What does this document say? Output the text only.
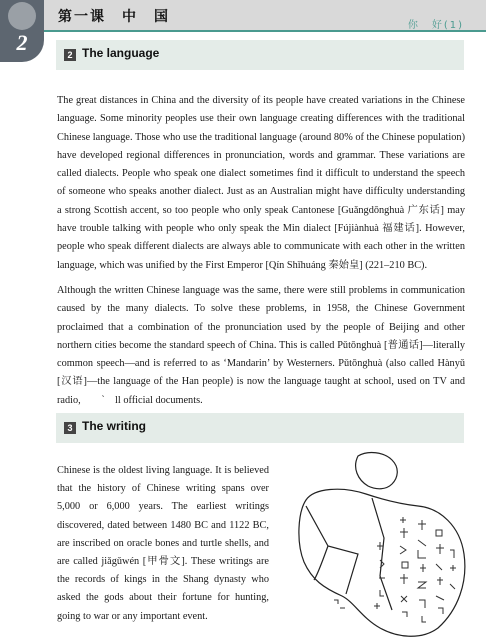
2
第一课　中　国
你　好(1)
2 The language

The great distances in China and the diversity of its people have created variations in the Chinese language. Some minority peoples use their own language creating differences with the traditional Chinese language. Those who use the traditional language (around 80% of the Chinese population) have developed regional differences in pronunciation, words and grammar. These variations are called dialects. People who speak one dialect sometimes find it difficult to understand the speech of someone who speaks another dialect. Just as an Australian might have difficulty understanding a strong Scottish accent, so too people who only speak Cantonese [Guǎngdōnghuà 广东话] may have trouble talking with people who only speak the Min dialect [Fújiànhuà 福建话]. However, people who speak different dialects are always able to communicate with each other in the written language, which was unified by the First Emperor [Qín Shǐhuáng 秦始皇] (221–210 BC).

Although the written Chinese language was the same, there were still problems in communication caused by the many dialects. To solve these problems, in 1958, the Chinese Government proclaimed that a combination of the pronunciation used by the people of Beijing and other northern cities become the standard speech of China. This is called Pǔtōnghuà [普通话]—literally common speech—and is referred to as ‘Mandarin’ by Westerners. Pǔtōnghuà (also called Hànyǔ [汉语]—the language of the Han people) is now the language taught at school, used on TV and radio,　　`　ll official documents.

3 The writing

Chinese is the oldest living language. It is believed that the history of Chinese writing spans over 5,000 or 6,000 years. The earliest writings discovered, dated between 1480 BC and 1122 BC, are inscribed on oracle bones and turtle shells, and are called jiǎgǔwén [甲骨文]. These writings are the records of kings in the Shang dynasty who asked the gods about their fortune for hunting, going to war or any important event.
